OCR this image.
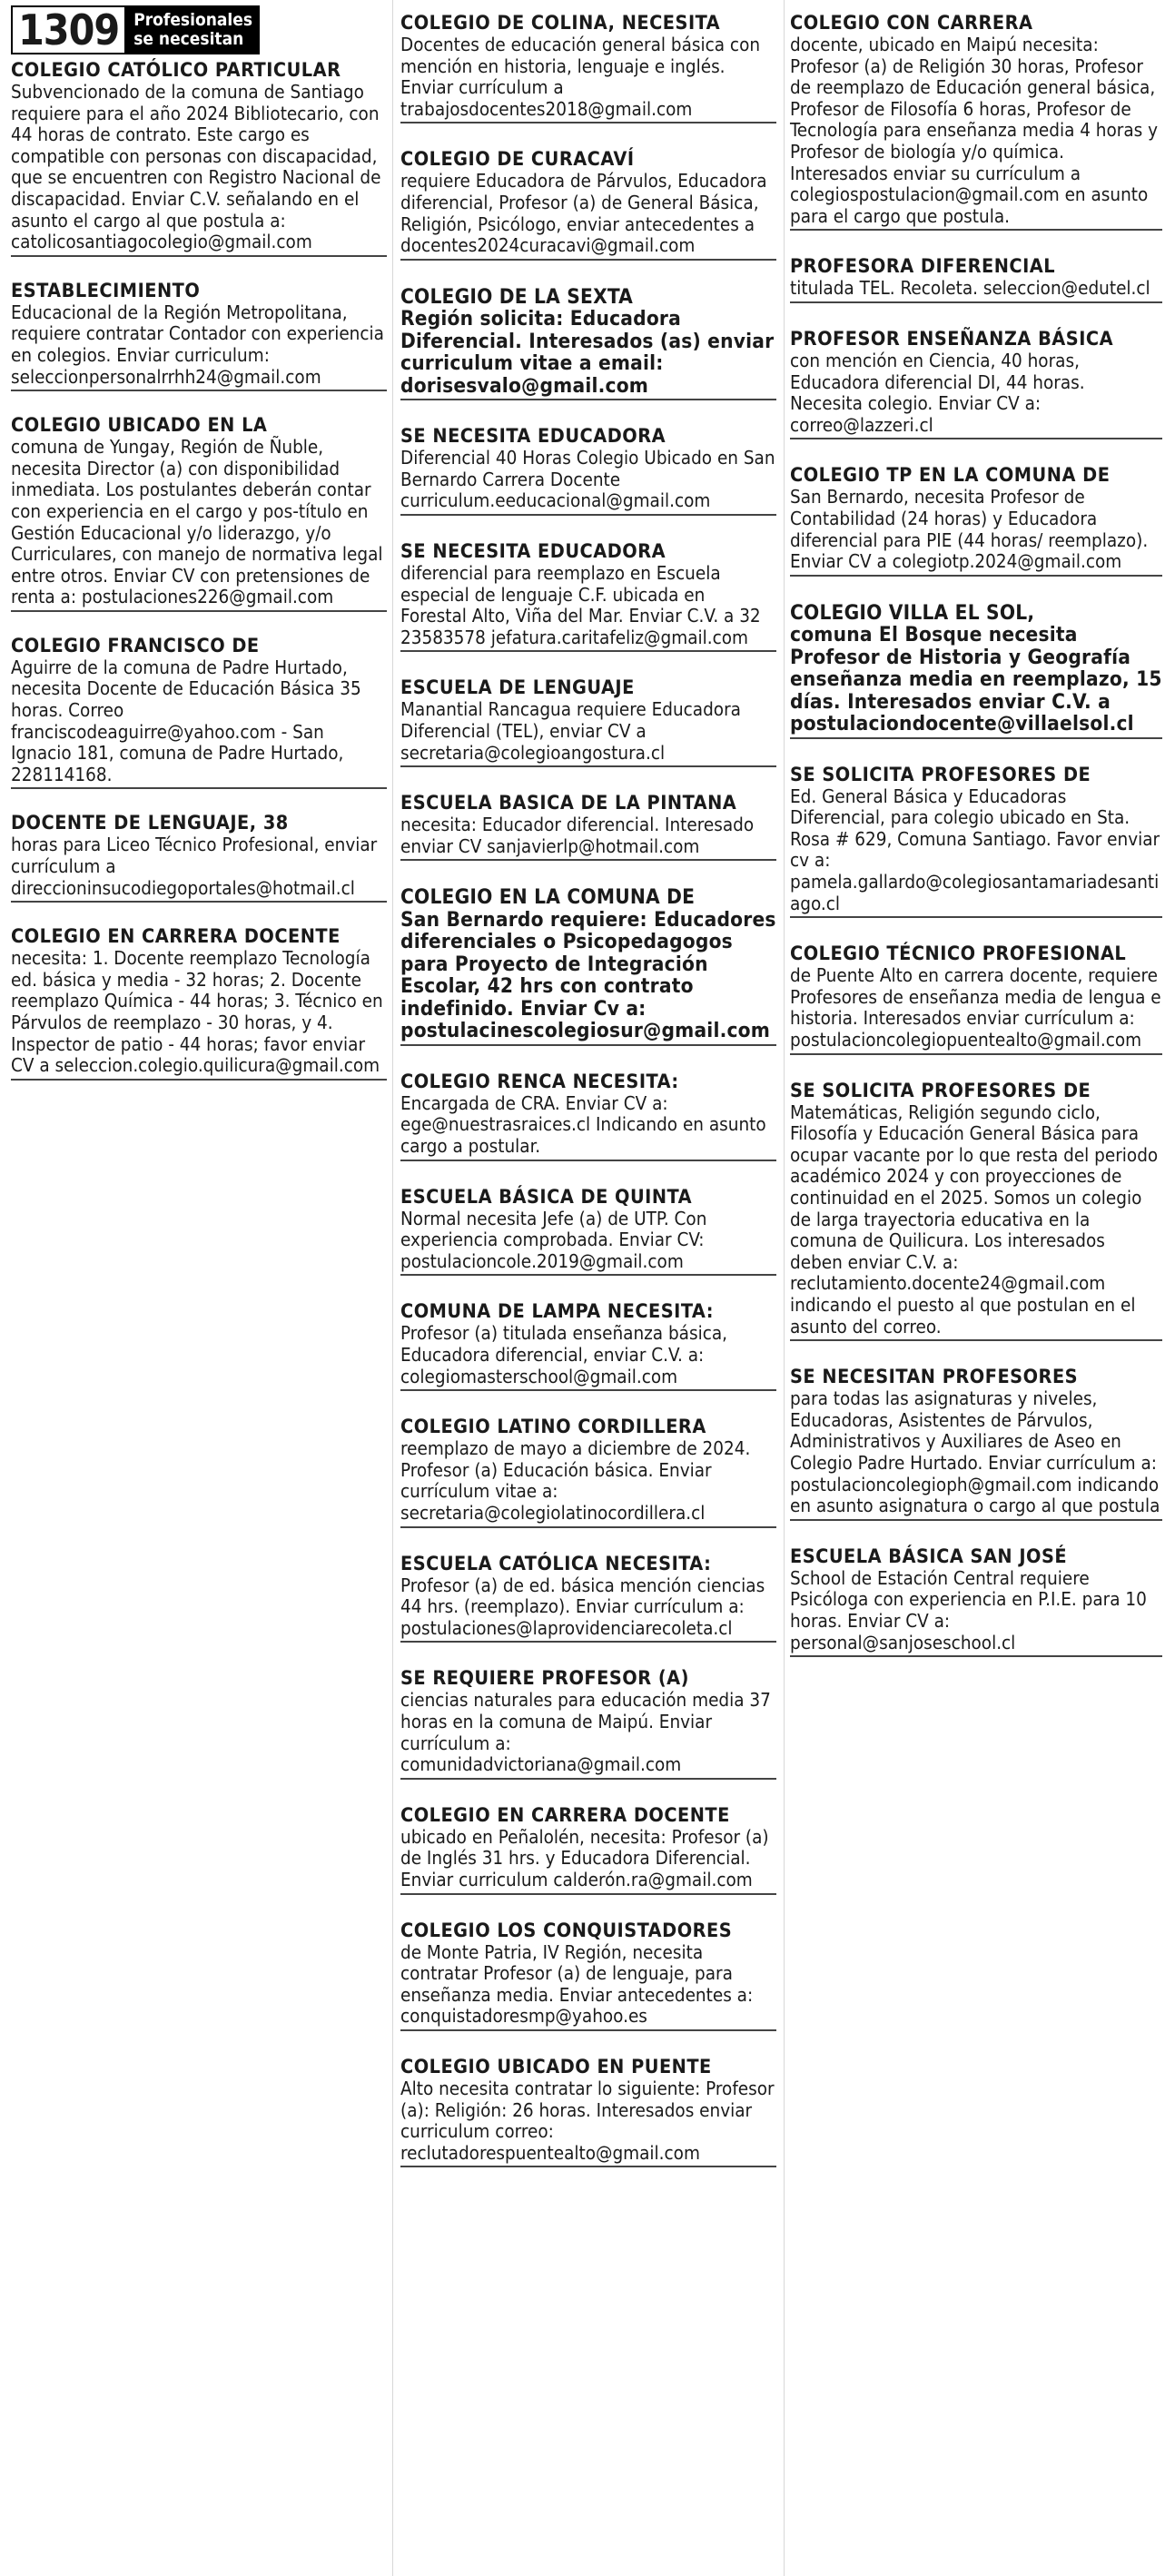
1309 Profesionales
se necesitan
COLEGIO CATÓLICO PARTICULAR
Subvencionado de la comuna de Santiago requiere para el año 2024 Bibliotecario, con 44 horas de contrato. Este cargo es compatible con personas con discapacidad, que se encuentren con Registro Nacional de discapacidad. Enviar C.V. señalando en el asunto el cargo al que postula a: catolicosantiagocolegio@gmail.com
ESTABLECIMIENTO
Educacional de la Región Metropolitana, requiere contratar Contador con experiencia en colegios. Enviar curriculum: seleccionpersonalrrhh24@gmail.com
COLEGIO UBICADO EN LA
comuna de Yungay, Región de Ñuble, necesita Director (a) con disponibilidad inmediata. Los postulantes deberán contar con experiencia en el cargo y pos-título en Gestión Educacional y/o liderazgo, y/o Curriculares, con manejo de normativa legal entre otros. Enviar CV con pretensiones de renta a: postulaciones226@gmail.com
COLEGIO FRANCISCO DE
Aguirre de la comuna de Padre Hurtado, necesita Docente de Educación Básica 35 horas. Correo franciscodeaguirre@yahoo.com - San Ignacio 181, comuna de Padre Hurtado, 228114168.
DOCENTE DE LENGUAJE, 38
horas para Liceo Técnico Profesional, enviar currículum a direccioninsucodiegoportales@hotmail.cl
COLEGIO EN CARRERA DOCENTE
necesita: 1. Docente reemplazo Tecnología ed. básica y media - 32 horas; 2. Docente reemplazo Química - 44 horas; 3. Técnico en Párvulos de reemplazo - 30 horas, y 4. Inspector de patio - 44 horas; favor enviar CV a seleccion.colegio.quilicura@gmail.com
COLEGIO DE COLINA, NECESITA
Docentes de educación general básica con mención en historia, lenguaje e inglés. Enviar currículum a trabajosdocentes2018@gmail.com
COLEGIO DE CURACAVÍ
requiere Educadora de Párvulos, Educadora diferencial, Profesor (a) de General Básica, Religión, Psicólogo, enviar antecedentes a docentes2024curacavi@gmail.com
COLEGIO DE LA SEXTA
Región solicita: Educadora Diferencial. Interesados (as) enviar curriculum vitae a email: dorisesvalo@gmail.com
SE NECESITA EDUCADORA
Diferencial 40 Horas Colegio Ubicado en San Bernardo Carrera Docente curriculum.eeducacional@gmail.com
SE NECESITA EDUCADORA
diferencial para reemplazo en Escuela especial de lenguaje C.F. ubicada en Forestal Alto, Viña del Mar. Enviar C.V. a 32 23583578 jefatura.caritafeliz@gmail.com
ESCUELA DE LENGUAJE
Manantial Rancagua requiere Educadora Diferencial (TEL), enviar CV a secretaria@colegioangostura.cl
ESCUELA BASICA DE LA PINTANA
necesita: Educador diferencial. Interesado enviar CV sanjavierlp@hotmail.com
COLEGIO EN LA COMUNA DE
San Bernardo requiere: Educadores diferenciales o Psicopedagogos para Proyecto de Integración Escolar, 42 hrs con contrato indefinido. Enviar Cv a: postulacinescolegiosur@gmail.com
COLEGIO RENCA NECESITA:
Encargada de CRA. Enviar CV a: ege@nuestrasraices.cl Indicando en asunto cargo a postular.
ESCUELA BÁSICA DE QUINTA
Normal necesita Jefe (a) de UTP. Con experiencia comprobada. Enviar CV: postulacioncole.2019@gmail.com
COMUNA DE LAMPA NECESITA:
Profesor (a) titulada enseñanza básica, Educadora diferencial, enviar C.V. a: colegiomasterschool@gmail.com
COLEGIO LATINO CORDILLERA
reemplazo de mayo a diciembre de 2024. Profesor (a) Educación básica. Enviar currículum vitae a: secretaria@colegiolatinocordillera.cl
ESCUELA CATÓLICA NECESITA:
Profesor (a) de ed. básica mención ciencias 44 hrs. (reemplazo). Enviar currículum a: postulaciones@laprovidenciarecoleta.cl
SE REQUIERE PROFESOR (A)
ciencias naturales para educación media 37 horas en la comuna de Maipú. Enviar currículum a: comunidadvictoriana@gmail.com
COLEGIO EN CARRERA DOCENTE
ubicado en Peñalolén, necesita: Profesor (a) de Inglés 31 hrs. y Educadora Diferencial. Enviar curriculum calderón.ra@gmail.com
COLEGIO LOS CONQUISTADORES
de Monte Patria, IV Región, necesita contratar Profesor (a) de lenguaje, para enseñanza media. Enviar antecedentes a: conquistadoresmp@yahoo.es
COLEGIO UBICADO EN PUENTE
Alto necesita contratar lo siguiente: Profesor (a): Religión: 26 horas. Interesados enviar curriculum correo: reclutadorespuentealto@gmail.com
COLEGIO CON CARRERA
docente, ubicado en Maipú necesita: Profesor (a) de Religión 30 horas, Profesor de reemplazo de Educación general básica, Profesor de Filosofía 6 horas, Profesor de Tecnología para enseñanza media 4 horas y Profesor de biología y/o química. Interesados enviar su currículum a colegiospostulacion@gmail.com en asunto para el cargo que postula.
PROFESORA DIFERENCIAL
titulada TEL. Recoleta. seleccion@edutel.cl
PROFESOR ENSEÑANZA BÁSICA
con mención en Ciencia, 40 horas, Educadora diferencial DI, 44 horas. Necesita colegio. Enviar CV a: correo@lazzeri.cl
COLEGIO TP EN LA COMUNA DE
San Bernardo, necesita Profesor de Contabilidad (24 horas) y Educadora diferencial para PIE (44 horas/ reemplazo). Enviar CV a colegiotp.2024@gmail.com
COLEGIO VILLA EL SOL,
comuna El Bosque necesita Profesor de Historia y Geografía enseñanza media en reemplazo, 15 días. Interesados enviar C.V. a postulaciondocente@villaelsol.cl
SE SOLICITA PROFESORES DE
Ed. General Básica y Educadoras Diferencial, para colegio ubicado en Sta. Rosa # 629, Comuna Santiago. Favor enviar cv a: pamela.gallardo@colegiosantamariadesantiago.cl
COLEGIO TÉCNICO PROFESIONAL
de Puente Alto en carrera docente, requiere Profesores de enseñanza media de lengua e historia. Interesados enviar currículum a: postulacioncolegiopuentealto@gmail.com
SE SOLICITA PROFESORES DE
Matemáticas, Religión segundo ciclo, Filosofía y Educación General Básica para ocupar vacante por lo que resta del periodo académico 2024 y con proyecciones de continuidad en el 2025. Somos un colegio de larga trayectoria educativa en la comuna de Quilicura. Los interesados deben enviar C.V. a: reclutamiento.docente24@gmail.com indicando el puesto al que postulan en el asunto del correo.
SE NECESITAN PROFESORES
para todas las asignaturas y niveles, Educadoras, Asistentes de Párvulos, Administrativos y Auxiliares de Aseo en Colegio Padre Hurtado. Enviar currículum a: postulacioncolegioph@gmail.com indicando en asunto asignatura o cargo al que postula
ESCUELA BÁSICA SAN JOSÉ
School de Estación Central requiere Psicóloga con experiencia en P.I.E. para 10 horas. Enviar CV a: personal@sanjoseschool.cl
